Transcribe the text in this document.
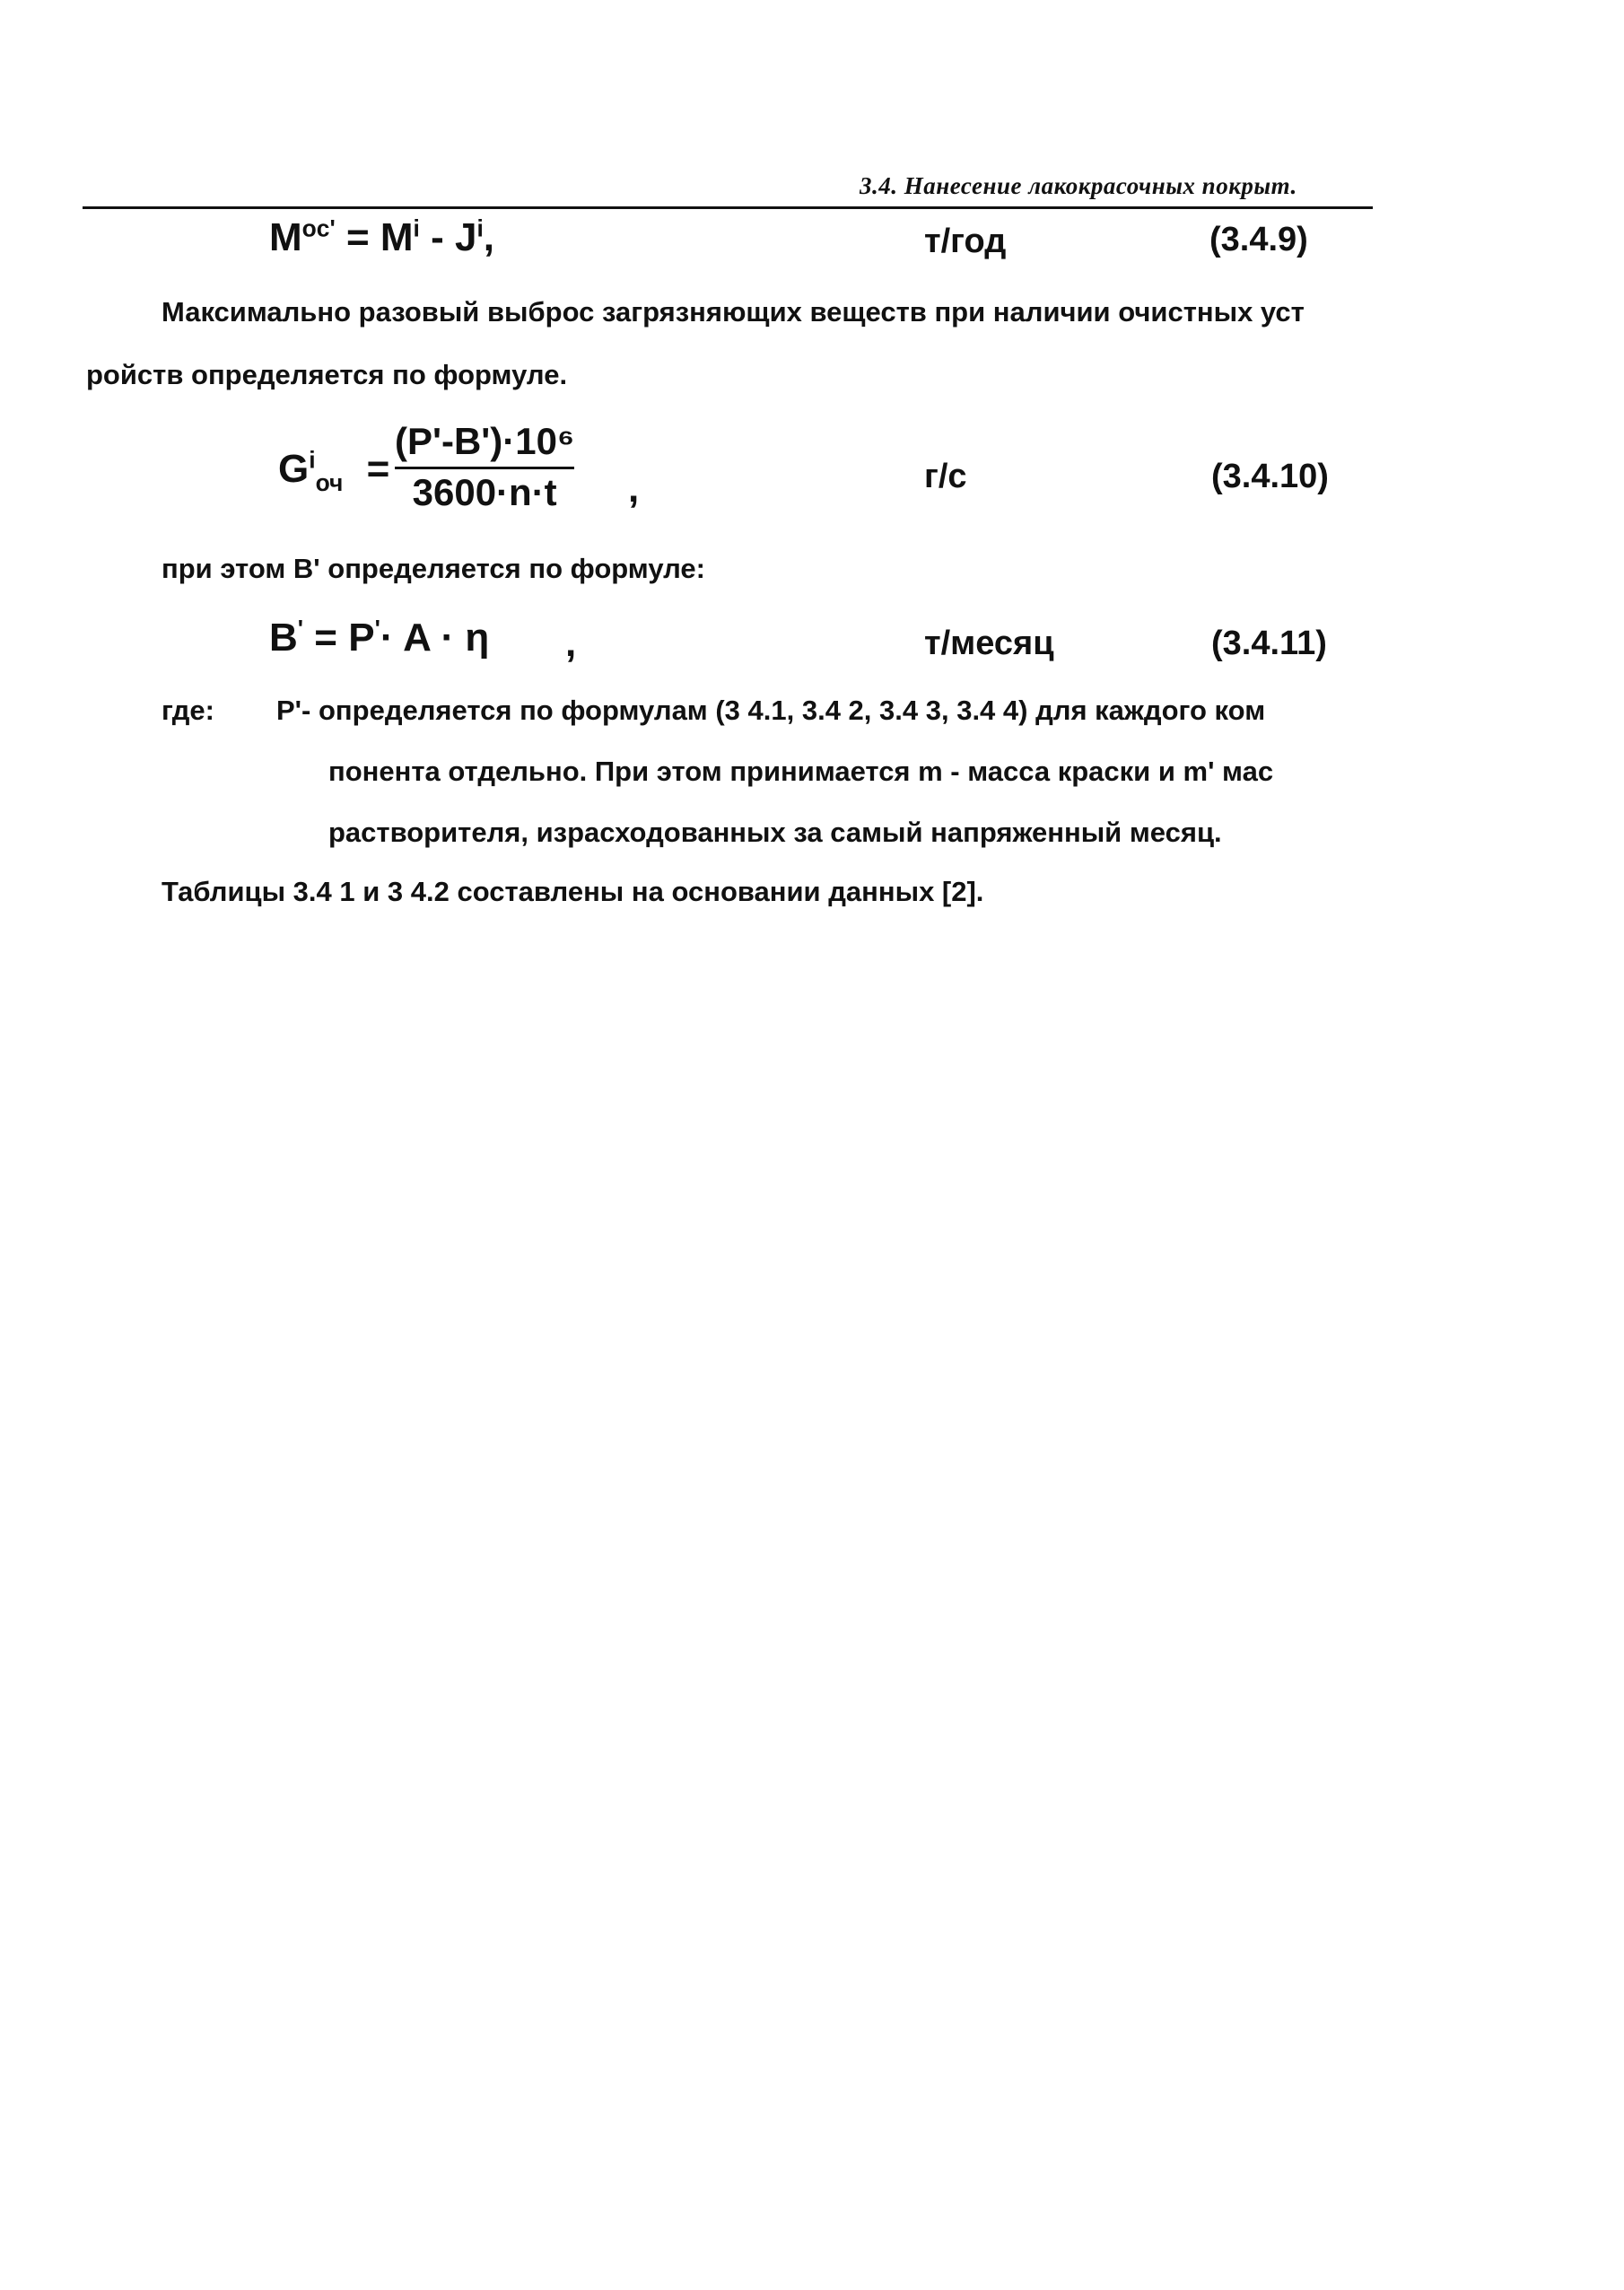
3.4. Нанесение лакокрасочных покрыт.
$M^{oc'} = M^i - J^i$,	т/год	(3.4.9)
Максимально разовый выброс загрязняющих веществ при наличии очистных уст
ройств определяется по формуле.
$G^i_{оч}$ =
(P'-B')·10⁶
3600·n·t ,	г/с	(3.4.10)
при этом B' определяется по формуле:
B' = P'· A · η ,	т/месяц	(3.4.11)
где: P'- определяется по формулам (3 4.1, 3.4 2, 3.4 3, 3.4 4) для каждого ком
понента отдельно. При этом принимается m - масса краски и m' мас
растворителя, израсходованных за самый напряженный месяц.
Таблицы 3.4 1 и 3 4.2 составлены на основании данных [2].
